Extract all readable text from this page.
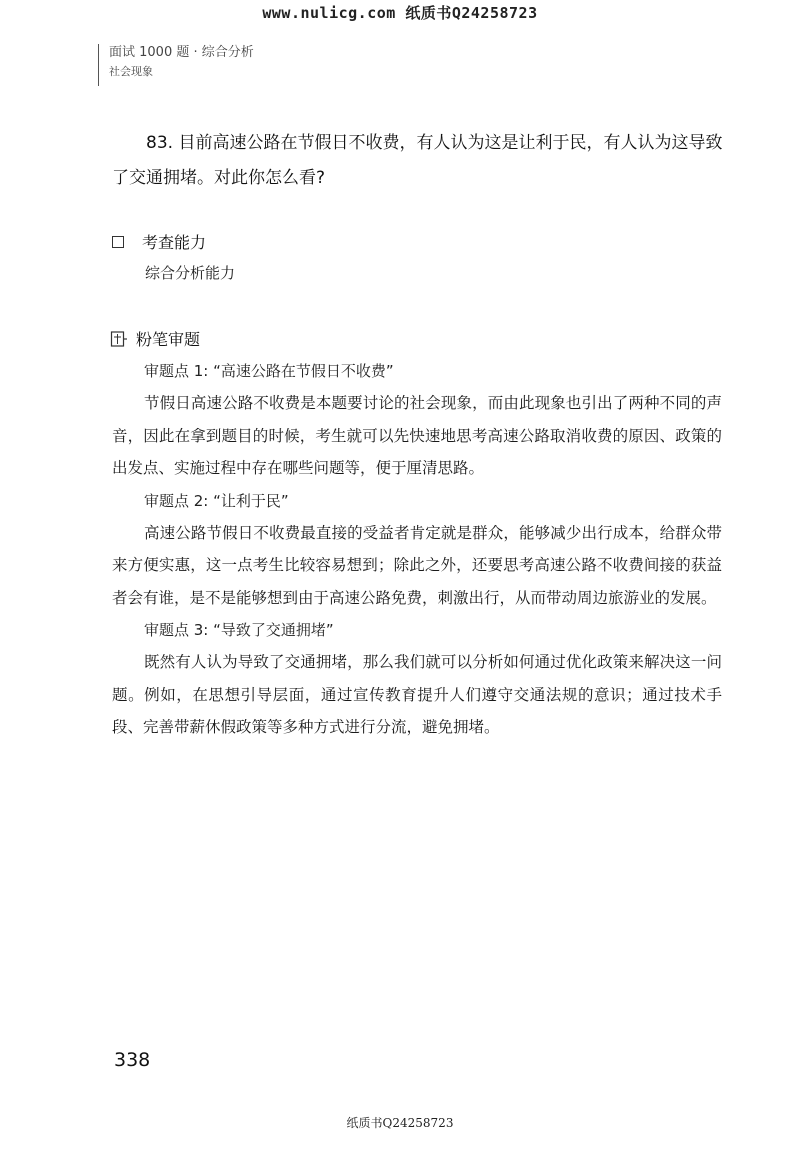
www.nulicg.com 纸质书Q24258723
面试 1000 题 · 综合分析
社会现象
83. 目前高速公路在节假日不收费，有人认为这是让利于民，有人认为这导致了交通拥堵。对此你怎么看?
考查能力
综合分析能力
粉笔审题
审题点 1: “高速公路在节假日不收费”

节假日高速公路不收费是本题要讨论的社会现象，而由此现象也引出了两种不同的声音，因此在拿到题目的时候，考生就可以先快速地思考高速公路取消收费的原因、政策的出发点、实施过程中存在哪些问题等，便于厘清思路。

审题点 2: “让利于民”

高速公路节假日不收费最直接的受益者肯定就是群众，能够减少出行成本，给群众带来方便实惠，这一点考生比较容易想到；除此之外，还要思考高速公路不收费间接的获益者会有谁，是不是能够想到由于高速公路免费，刺激出行，从而带动周边旅游业的发展。

审题点 3: “导致了交通拥堵”

既然有人认为导致了交通拥堵，那么我们就可以分析如何通过优化政策来解决这一问题。例如，在思想引导层面，通过宣传教育提升人们遵守交通法规的意识；通过技术手段、完善带薪休假政策等多种方式进行分流，避免拥堵。

338
纸质书Q24258723
